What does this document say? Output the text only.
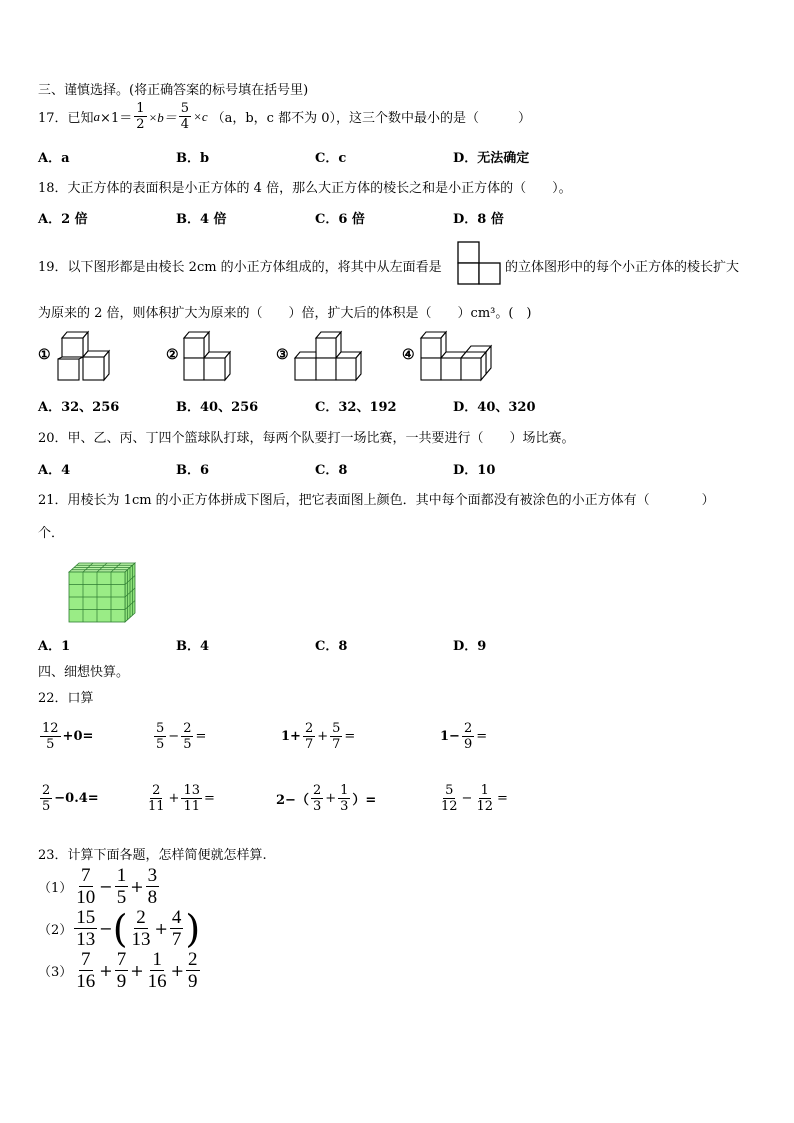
三、谨慎选择。(将正确答案的标号填在括号里)
17．已知 $a \times 1= \frac{1}{2} \times b= \frac{5}{4} \times c$ （a，b，c 都不为 0），这三个数中最小的是（　　　）
A．a	B．b	C．c	D．无法确定
18．大正方体的表面积是小正方体的 4 倍，那么大正方体的棱长之和是小正方体的（　　）。
A．2 倍	B．4 倍	C．6 倍	D．8 倍
19．以下图形都是由棱长 2cm 的小正方体组成的，将其中从左面看是	的立体图形中的每个小正方体的棱长扩大
为原来的 2 倍，则体积扩大为原来的（　　）倍，扩大后的体积是（　　）cm³。(　)
①	②	③	④
A．32、256	B．40、256	C．32、192	D．40、320
20．甲、乙、丙、丁四个篮球队打球，每两个队要打一场比赛，一共要进行（　　）场比赛。
A．4	B．6	C．8	D．10
21．用棱长为 1cm 的小正方体拼成下图后，把它表面图上颜色．其中每个面都没有被涂色的小正方体有（　　　　）
个．
A．1	B．4	C．8	D．9
四、细想快算。
22．口算
$\frac{12}{5} +0=$	$\frac{5}{5} - \frac{2}{5}$ =	$1+ \frac{2}{7} + \frac{5}{7}$ =	$1- \frac{2}{9}$ =
$\frac{2}{5} -0.4=$	$\frac{2}{11} + \frac{13}{11}$ =	$2-( \frac{2}{3} + \frac{1}{3}$ ）=	$\frac{5}{12} - \frac{1}{12}$ =
23．计算下面各题，怎样简便就怎样算.
$(1) \frac{7}{10} - \frac{1}{5} + \frac{3}{8}$
$(2) \frac{15}{13}$ − ( $\frac{2}{13} + \frac{4}{7}$ )
$(3) \frac{7}{16} + \frac{7}{9} + \frac{1}{16} + \frac{2}{9}$
